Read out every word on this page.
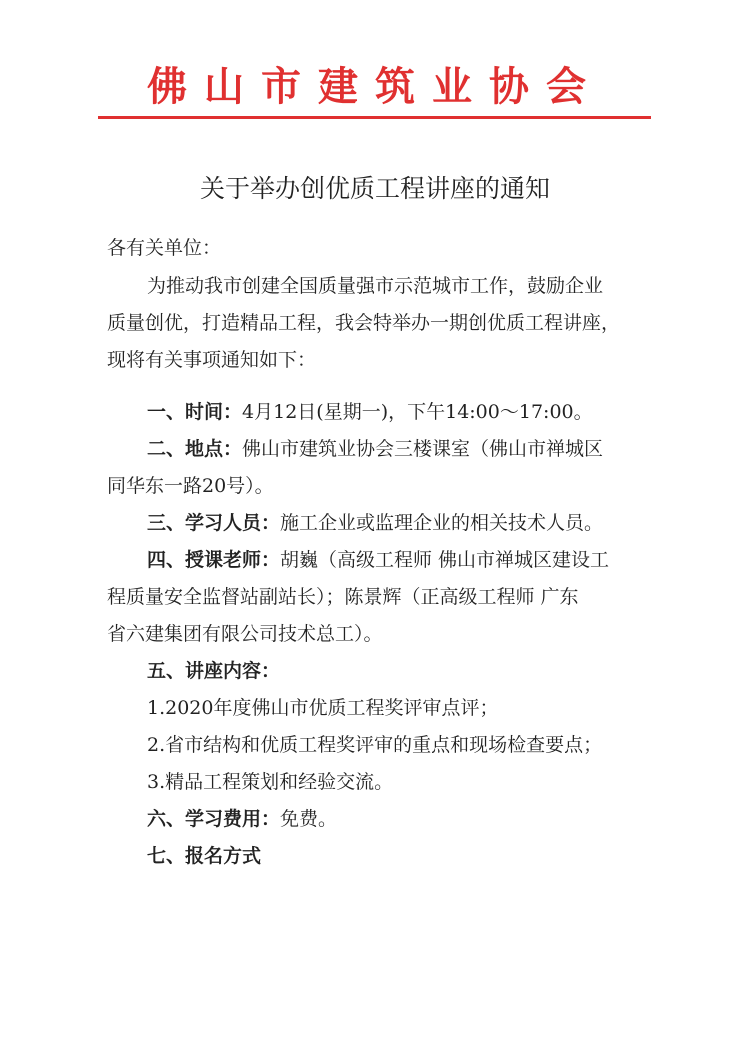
佛山市建筑业协会
关于举办创优质工程讲座的通知
各有关单位：
为推动我市创建全国质量强市示范城市工作，鼓励企业
质量创优，打造精品工程，我会特举办一期创优质工程讲座，
现将有关事项通知如下：
一、时间：4月12日(星期一)，下午14:00～17:00。
二、地点：佛山市建筑业协会三楼课室（佛山市禅城区
同华东一路20号）。
三、学习人员：施工企业或监理企业的相关技术人员。
四、授课老师：胡巍（高级工程师 佛山市禅城区建设工
程质量安全监督站副站长）；陈景辉（正高级工程师 广东
省六建集团有限公司技术总工）。
五、讲座内容：
1.2020年度佛山市优质工程奖评审点评；
2.省市结构和优质工程奖评审的重点和现场检查要点；
3.精品工程策划和经验交流。
六、学习费用：免费。
七、报名方式
